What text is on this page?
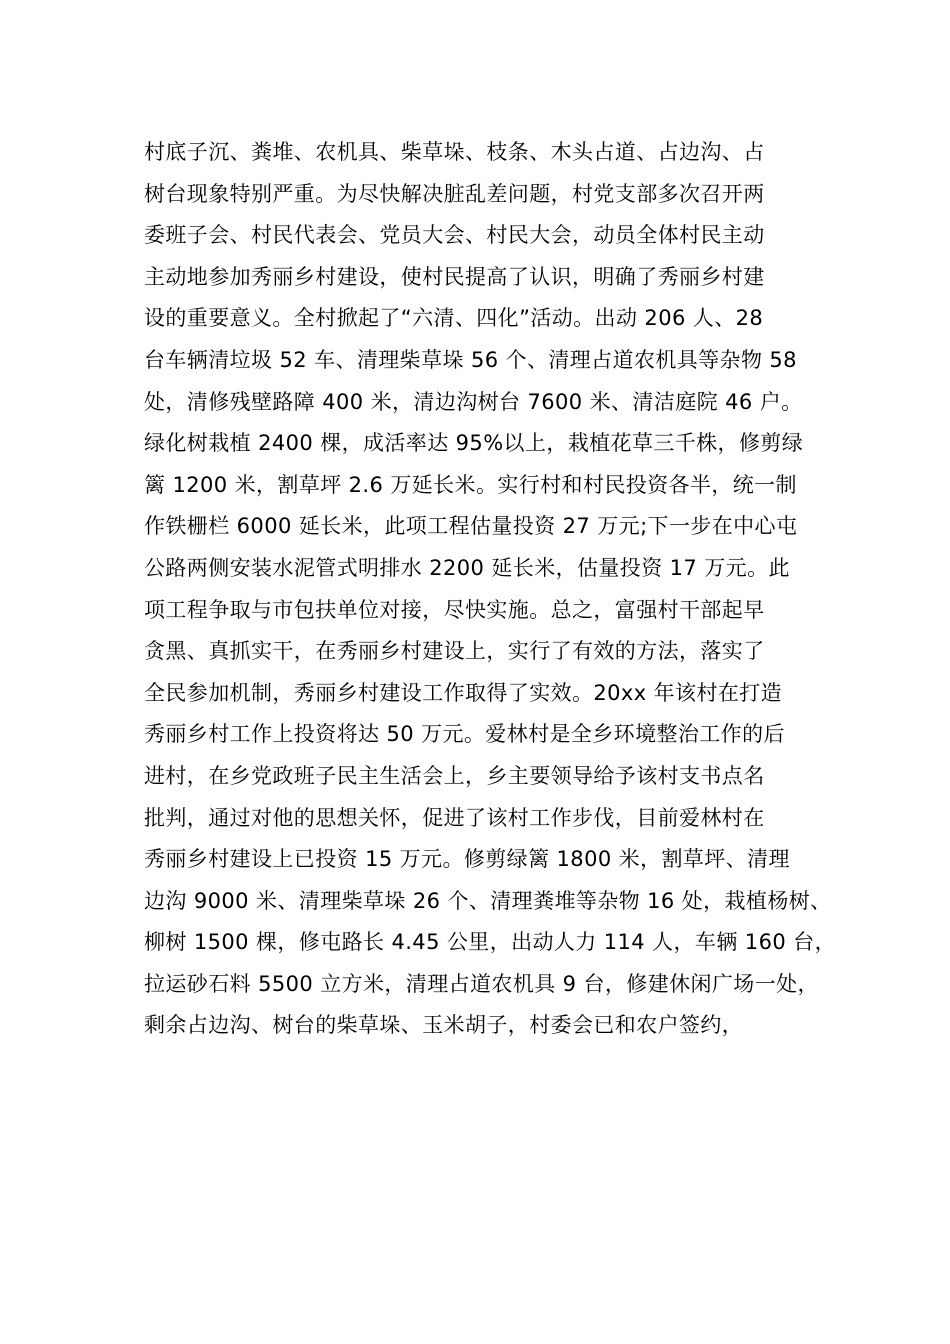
村底子沉、粪堆、农机具、柴草垛、枝条、木头占道、占边沟、占
树台现象特别严重。为尽快解决脏乱差问题，村党支部多次召开两
委班子会、村民代表会、党员大会、村民大会，动员全体村民主动
主动地参加秀丽乡村建设，使村民提高了认识，明确了秀丽乡村建
设的重要意义。全村掀起了“六清、四化”活动。出动 206 人、28
台车辆清垃圾 52 车、清理柴草垛 56 个、清理占道农机具等杂物 58
处，清修残壁路障 400 米，清边沟树台 7600 米、清洁庭院 46 户。
绿化树栽植 2400 棵，成活率达 95%以上，栽植花草三千株，修剪绿
篱 1200 米，割草坪 2.6 万延长米。实行村和村民投资各半，统一制
作铁栅栏 6000 延长米，此项工程估量投资 27 万元;下一步在中心屯
公路两侧安装水泥管式明排水 2200 延长米，估量投资 17 万元。此
项工程争取与市包扶单位对接，尽快实施。总之，富强村干部起早
贪黑、真抓实干，在秀丽乡村建设上，实行了有效的方法，落实了
全民参加机制，秀丽乡村建设工作取得了实效。20xx 年该村在打造
秀丽乡村工作上投资将达 50 万元。爱林村是全乡环境整治工作的后
进村，在乡党政班子民主生活会上，乡主要领导给予该村支书点名
批判，通过对他的思想关怀，促进了该村工作步伐，目前爱林村在
秀丽乡村建设上已投资 15 万元。修剪绿篱 1800 米，割草坪、清理
边沟 9000 米、清理柴草垛 26 个、清理粪堆等杂物 16 处，栽植杨树、
柳树 1500 棵，修屯路长 4.45 公里，出动人力 114 人，车辆 160 台，
拉运砂石料 5500 立方米，清理占道农机具 9 台，修建休闲广场一处，
剩余占边沟、树台的柴草垛、玉米胡子，村委会已和农户签约，
